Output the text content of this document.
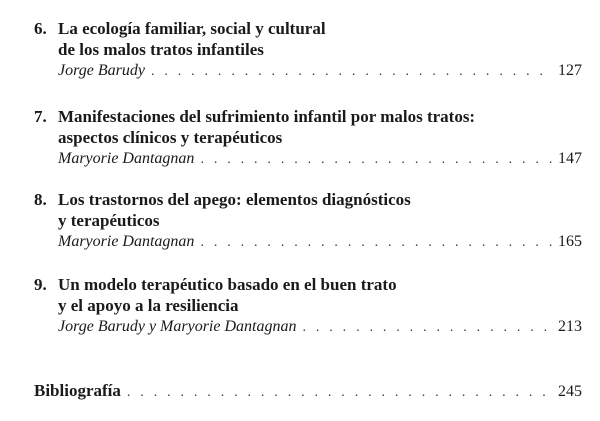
6. La ecología familiar, social y cultural
de los malos tratos infantiles
Jorge Barudy . . .	127
7. Manifestaciones del sufrimiento infantil por malos tratos:
aspectos clínicos y terapéuticos
Maryorie Dantagnan . . .	147
8. Los trastornos del apego: elementos diagnósticos
y terapéuticos
Maryorie Dantagnan . . .	165
9. Un modelo terapéutico basado en el buen trato
y el apoyo a la resiliencia
Jorge Barudy y Maryorie Dantagnan . . .	213
Bibliografía . . .	245
